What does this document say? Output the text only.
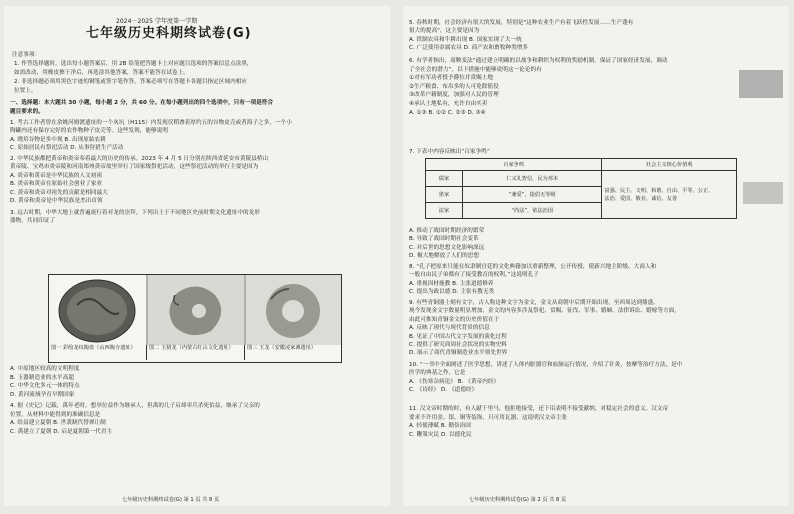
2024－2025 学年度第一学期
七年级历史科期终试卷(G)
注意事项：
1. 作答选择题时，选出每小题答案后，用 2B 铅笔把答题卡上对应题目选项的答案信息点涂黑，
如需改动，用橡皮擦干净后，再选涂其他答案，答案不能答在试卷上。
2. 非选择题必须用黑色字迹的钢笔或签字笔作答，答案必须写在答题卡各题目指定区域内相应
位置上。
一、选择题：本大题共 30 小题，每小题 2 分，共 60 分。在每小题列出的四个选项中，只有一项是符合
题目要求的。
1. 考古工作者曾在余姚河姆渡遗址的一个灰坑（H115）内发现仅稻叠着厚约五的谷物皮壳或者海子之多，一个小
陶罐内还有保存完好的农作物种子皮壳等。这些发现，能够说明
A. 晓培谷物是多中现 B. 出现原始农耕
C. 原始居民有祭祀活动 D. 从事狩猎生产活动
2. 中华民族都把黄帝和炎帝奉着最大的历史的传承。2023 年 4 月 5 日分别在陕西省延安市黄陵县桥山
黄帝陵、宝鸡市炎帝陵和河南郑州黄帝故里举行了国家级祭祀活动，这些祭祀活动的举行主要是因为
A. 炎帝和黄帝是中华民族的人文初祖
B. 炎帝和黄帝在原始社会创业了家业
C. 黄帝和炎帝对祖先的贡献是相同最大
D. 黄帝和炎帝是中华民族是杰出首领
3. 远古时期，中华大地上就普遍流行着对龙的崇拜。下列出土于不同地区史前时期文化遗址中的龙形
器物，共同印证了
图一 彩绘龙纹陶盘（山西陶寺遗址）	图二 玉猪龙（内蒙古红山文化遗址）	图三 玉龙（安徽凌家滩遗址）
A. 中原地区较高的文明程度
B. 玉器制造业的水平高超
C. 中华文化多元一体的特点
D. 黄河流域孕育早期国家
4. 据《史记》记载，禹年老时，想举位益作为继承人，但禹的儿子启却率兵杀死伯益，继承了父亲的
位置，从材料中能得到的准确信息是
A. 给益建立夏朝 B. 世袭制代替禅让制
C. 禹建立了夏朝 D. 启是夏朝第一代君主
七年级历史科期终试卷(G) 第 1 页 共 8 页
5. 春秋时期，社会经济有很大的发展，特别是"这种农业生产有着飞跃性发展……生产蓬有
很大的提高"，这主要是因为
A. 铁制农具和牛耕出现 B. 国家实现了大一统
C. 广泛使用金属农具 D. 商产农和畜牧种类增多
6. 有学者指出，商鞅变法“通过建立明确的以战争和耕织为权利的奖励机制，保证了国家经济发展，调动
了全社会的潜力”。以下措施中能够说明这一论论的有
①对有军功者授予爵位并赏赐土地
②生产粮食、布帛多的人可免除徭役
③改革户籍制度，加强对人民的管理
④承认土地私有，允许自由买卖
A. ①③ B. ①② C. ②③ D. ③④
7. 下表中内容反映出“百家争鸣”
百家争鸣		社会主义核心价值观
儒家	仁义礼智信，民为邦本	富强、民主、文明、和谐、自由、平等、公正、
法治、爱国、敬业、诚信、友善

墨家	“兼爱”，提倡无等级	
法家	“尚法”，依法治国	
A. 推动了战国时期经济的繁荣
B. 导致了战国时期社会变革
C. 对后世的思想文化影响深远
D. 极大地解放了人们的思想
8. “孔子把原来只能在奴隶制宫廷的文化典籍加以重新整理，公开传授，使新兴地主阶级、大商人和
一般自由民子弟都有了接受教育的权利，”这说明孔子
A. 重视因材施教 B. 主张道德修养
C. 提出为政以德 D. 主张有教无类
9. 有些青铜器上刻有文字，古人称这种文字为金文，金文从商朝中后期开始出现，至西周达到鼎盛。
现今发现金文字数量明显增加，金文的内容多涉及祭祀、赏赐、征伐、军事、婚姻、法律诉讼、婚嫁等方面，
由此可推知青铜金文的历史价值在于
A. 反映了现代与现代背景的信息
B. 见证了中国古代文字发展的演化过程
C. 提供了研究商周社会状况的实物史料
D. 展示了商代青铜制造业水平领先世界
10. “一书中全面阐述了医学思想，讲述了人体内脏器官和血脉运行情况，介绍了针灸、按摩等治疗方法，是中
医学的典基之作，它是
A. 《伤寒杂病论》 B. 《黄帝内经》
C. 《诗经》 D. 《道德经》
11. 汉文帝时期的时，有人献千里马，他拒绝接受，还下诏表明不接受献纳，对稳定社会的意义。汉文帝
要求不许用金、银、铜等装饰，只可用瓦器，这说明汉文帝主张
A. 轻徭薄赋 B. 勤俭治国
C. 鞭策灾民 D. 以德化民
七年级历史科期终试卷(G) 第 2 页 共 8 页
